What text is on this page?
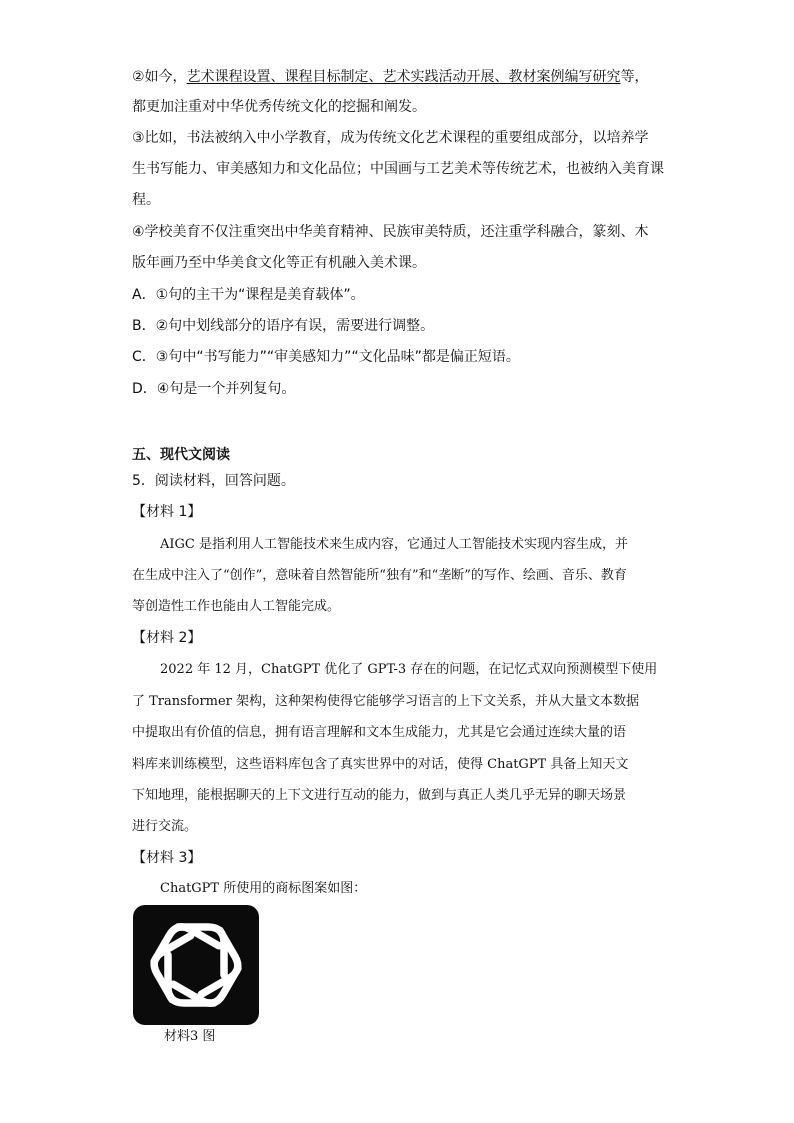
②如今，艺术课程设置、课程目标制定、艺术实践活动开展、教材案例编写研究等，
都更加注重对中华优秀传统文化的挖掘和阐发。
③比如，书法被纳入中小学教育，成为传统文化艺术课程的重要组成部分，以培养学
生书写能力、审美感知力和文化品位；中国画与工艺美术等传统艺术，也被纳入美育课
程。
④学校美育不仅注重突出中华美育精神、民族审美特质，还注重学科融合，篆刻、木
版年画乃至中华美食文化等正有机融入美术课。
A．①句的主干为“课程是美育载体”。
B．②句中划线部分的语序有误，需要进行调整。
C．③句中“书写能力”“审美感知力”“文化品味”都是偏正短语。
D．④句是一个并列复句。
五、现代文阅读
5．阅读材料，回答问题。
【材料 1】
AIGC 是指利用人工智能技术来生成内容，它通过人工智能技术实现内容生成，并
在生成中注入了“创作”，意味着自然智能所“独有”和“垄断”的写作、绘画、音乐、教育
等创造性工作也能由人工智能完成。
【材料 2】
2022 年 12 月，ChatGPT 优化了 GPT-3 存在的问题，在记忆式双向预测模型下使用
了 Transformer 架构，这种架构使得它能够学习语言的上下文关系，并从大量文本数据
中提取出有价值的信息，拥有语言理解和文本生成能力，尤其是它会通过连续大量的语
料库来训练模型，这些语料库包含了真实世界中的对话，使得 ChatGPT 具备上知天文
下知地理，能根据聊天的上下文进行互动的能力，做到与真正人类几乎无异的聊天场景
进行交流。
【材料 3】
ChatGPT 所使用的商标图案如图：
材料3 图
